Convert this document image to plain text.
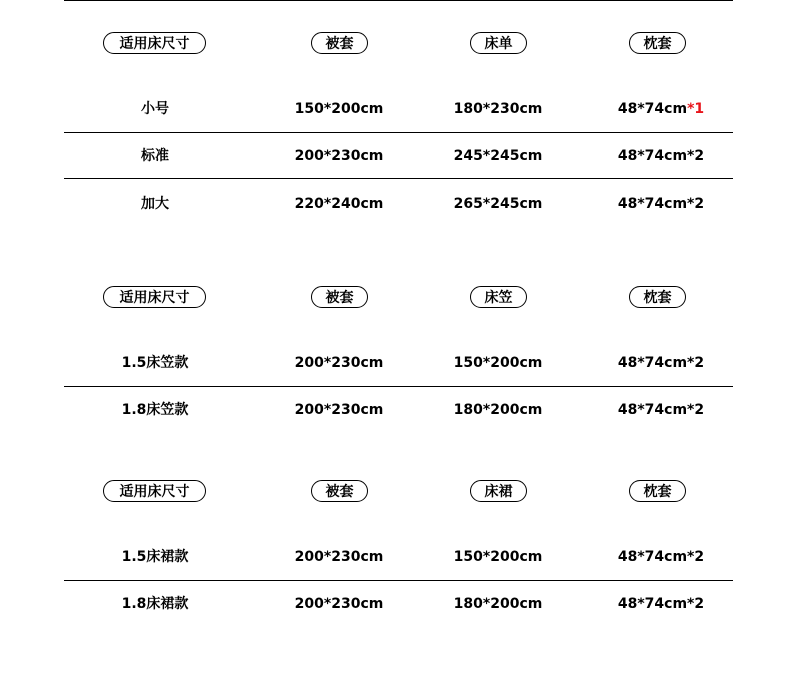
适用床尺寸	被套	床单	枕套
小号	150*200cm	180*230cm	48*74cm*1
标准	200*230cm	245*245cm	48*74cm*2
加大	220*240cm	265*245cm	48*74cm*2
适用床尺寸	被套	床笠	枕套
1.5床笠款	200*230cm	150*200cm	48*74cm*2
1.8床笠款	200*230cm	180*200cm	48*74cm*2
适用床尺寸	被套	床裙	枕套
1.5床裙款	200*230cm	150*200cm	48*74cm*2
1.8床裙款	200*230cm	180*200cm	48*74cm*2
